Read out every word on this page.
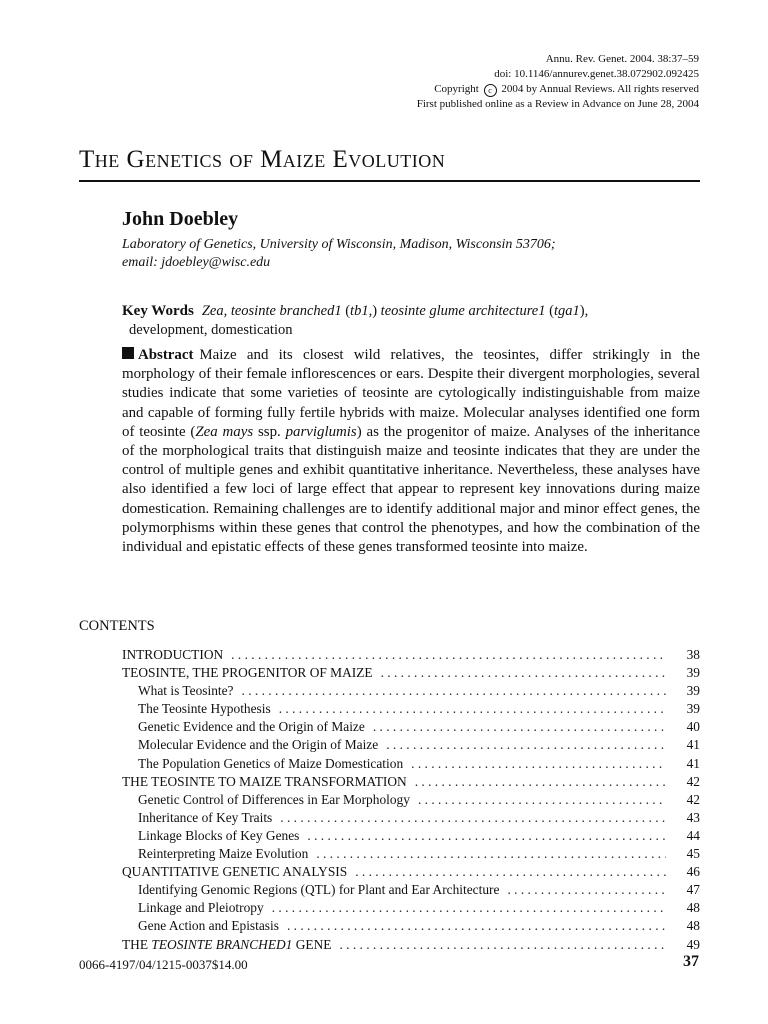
Annu. Rev. Genet. 2004. 38:37–59
doi: 10.1146/annurev.genet.38.072902.092425
Copyright c 2004 by Annual Reviews. All rights reserved
First published online as a Review in Advance on June 28, 2004
The Genetics of Maize Evolution
John Doebley
Laboratory of Genetics, University of Wisconsin, Madison, Wisconsin 53706;
email: jdoebley@wisc.edu
Key Words Zea, teosinte branched1 (tb1,) teosinte glume architecture1 (tga1),
development, domestication
Abstract Maize and its closest wild relatives, the teosintes, differ strikingly in the morphology of their female inflorescences or ears. Despite their divergent morphologies, several studies indicate that some varieties of teosinte are cytologically indistinguishable from maize and capable of forming fully fertile hybrids with maize. Molecular analyses identified one form of teosinte (Zea mays ssp. parviglumis) as the progenitor of maize. Analyses of the inheritance of the morphological traits that distinguish maize and teosinte indicates that they are under the control of multiple genes and exhibit quantitative inheritance. Nevertheless, these analyses have also identified a few loci of large effect that appear to represent key innovations during maize domestication. Remaining challenges are to identify additional major and minor effect genes, the polymorphisms within these genes that control the phenotypes, and how the combination of the individual and epistatic effects of these genes transformed teosinte into maize.
CONTENTS
INTRODUCTION . . .	38
TEOSINTE, THE PROGENITOR OF MAIZE . . .	39
What is Teosinte? . . .	39
The Teosinte Hypothesis . . .	39
Genetic Evidence and the Origin of Maize . . .	40
Molecular Evidence and the Origin of Maize . . .	41
The Population Genetics of Maize Domestication . . .	41
THE TEOSINTE TO MAIZE TRANSFORMATION . . .	42
Genetic Control of Differences in Ear Morphology . . .	42
Inheritance of Key Traits . . .	43
Linkage Blocks of Key Genes . . .	44
Reinterpreting Maize Evolution . . .	45
QUANTITATIVE GENETIC ANALYSIS . . .	46
Identifying Genomic Regions (QTL) for Plant and Ear Architecture . . .	47
Linkage and Pleiotropy . . .	48
Gene Action and Epistasis . . .	48
THE TEOSINTE BRANCHED1 GENE . . .	49
0066-4197/04/1215-0037$14.00	37
